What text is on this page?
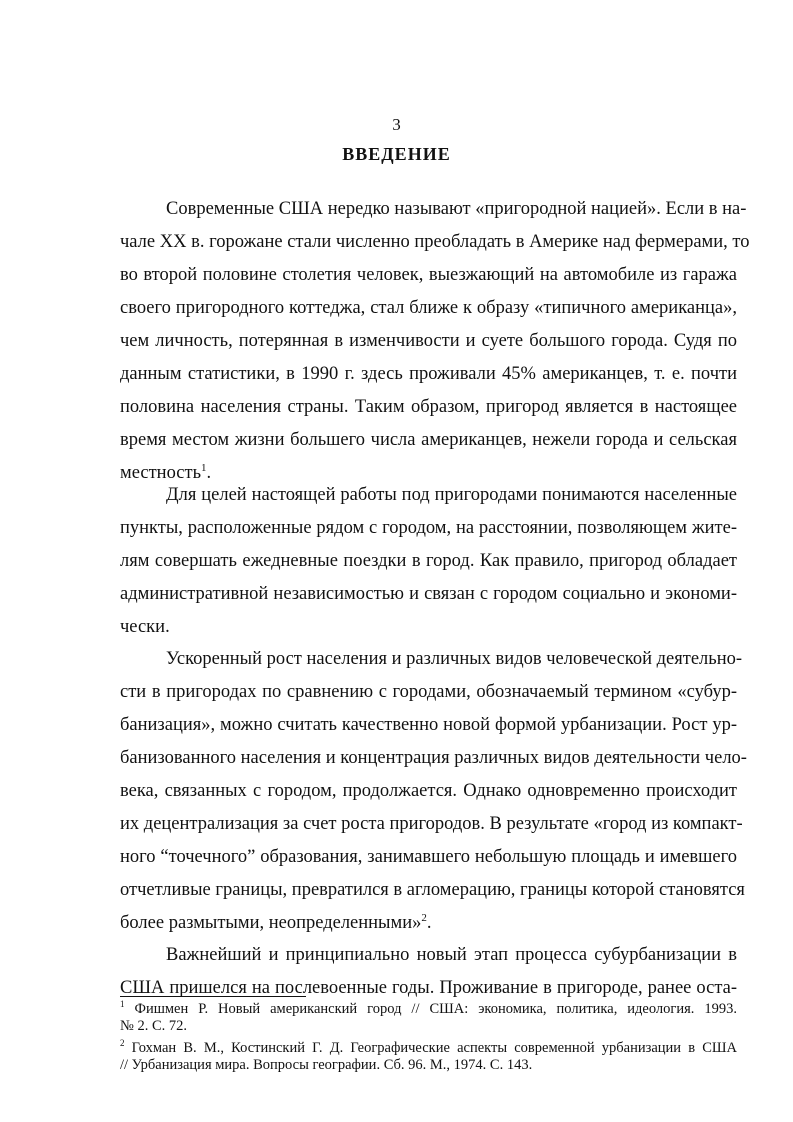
3
ВВЕДЕНИЕ
Современные США нередко называют «пригородной нацией». Если в на-
чале XX в. горожане стали численно преобладать в Америке над фермерами, то
во второй половине столетия человек, выезжающий на автомобиле из гаража
своего пригородного коттеджа, стал ближе к образу «типичного американца»,
чем личность, потерянная в изменчивости и суете большого города. Судя по
данным статистики, в 1990 г. здесь проживали 45% американцев, т. е. почти
половина населения страны. Таким образом, пригород является в настоящее
время местом жизни большего числа американцев, нежели города и сельская
местность$^1$.
Для целей настоящей работы под пригородами понимаются населенные
пункты, расположенные рядом с городом, на расстоянии, позволяющем жите-
лям совершать ежедневные поездки в город. Как правило, пригород обладает
административной независимостью и связан с городом социально и экономи-
чески.
Ускоренный рост населения и различных видов человеческой деятельно-
сти в пригородах по сравнению с городами, обозначаемый термином «субур-
банизация», можно считать качественно новой формой урбанизации. Рост ур-
банизованного населения и концентрация различных видов деятельности чело-
века, связанных с городом, продолжается. Однако одновременно происходит
их децентрализация за счет роста пригородов. В результате «город из компакт-
ного “точечного” образования, занимавшего небольшую площадь и имевшего
отчетливые границы, превратился в агломерацию, границы которой становятся
более размытыми, неопределенными»$^2$.
Важнейший и принципиально новый этап процесса субурбанизации в
США пришелся на послевоенные годы. Проживание в пригороде, ранее оста-
$^1$ Фишмен Р. Новый американский город // США: экономика, политика, идеология. 1993.
№ 2. С. 72.
$^2$ Гохман В. М., Костинский Г. Д. Географические аспекты современной урбанизации в США
// Урбанизация мира. Вопросы географии. Сб. 96. М., 1974. С. 143.
